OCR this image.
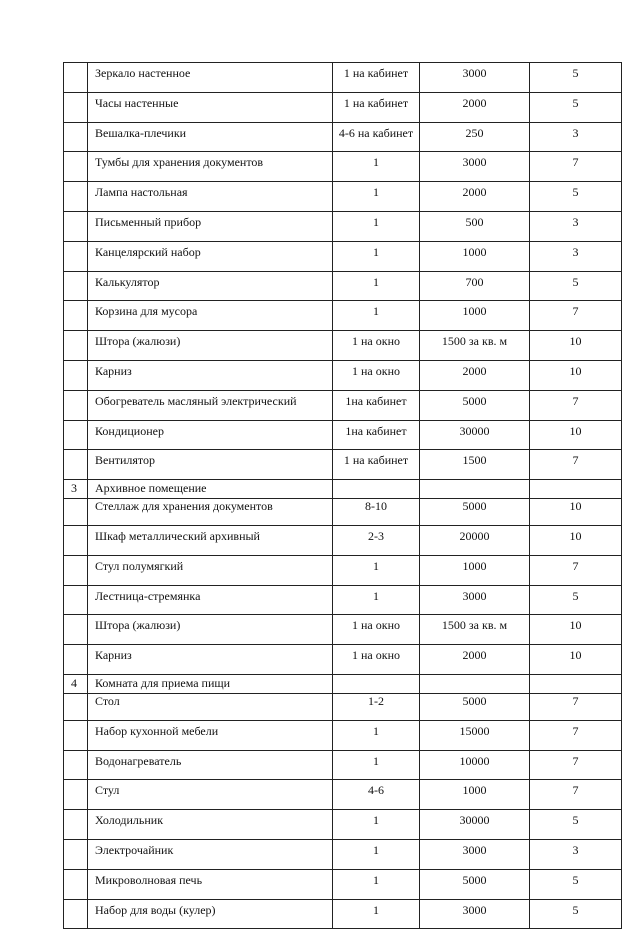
	Зеркало настенное	1 на кабинет	3000	5
	Часы настенные	1 на кабинет	2000	5
	Вешалка-плечики	4-6 на кабинет	250	3
	Тумбы для хранения документов	1	3000	7
	Лампа настольная	1	2000	5
	Письменный прибор	1	500	3
	Канцелярский набор	1	1000	3
	Калькулятор	1	700	5
	Корзина для мусора	1	1000	7
	Штора (жалюзи)	1 на окно	1500 за кв. м	10
	Карниз	1 на окно	2000	10
	Обогреватель масляный электрический	1на кабинет	5000	7
	Кондиционер	1на кабинет	30000	10
	Вентилятор	1 на кабинет	1500	7
3	Архивное помещение			
	Стеллаж для хранения документов	8-10	5000	10
	Шкаф металлический архивный	2-3	20000	10
	Стул полумягкий	1	1000	7
	Лестница-стремянка	1	3000	5
	Штора (жалюзи)	1 на окно	1500 за кв. м	10
	Карниз	1 на окно	2000	10
4	Комната для приема пищи			
	Стол	1-2	5000	7
	Набор кухонной мебели	1	15000	7
	Водонагреватель	1	10000	7
	Стул	4-6	1000	7
	Холодильник	1	30000	5
	Электрочайник	1	3000	3
	Микроволновая печь	1	5000	5
	Набор для воды (кулер)	1	3000	5
